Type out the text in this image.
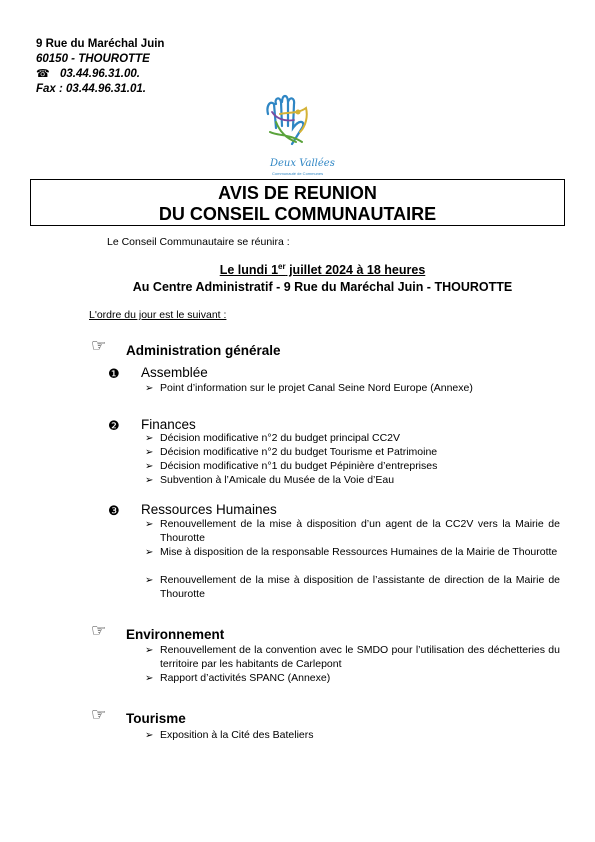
9 Rue du Maréchal Juin
60150 - THOUROTTE
☎ 03.44.96.31.00.
Fax : 03.44.96.31.01.
Deux Vallées
Communauté de Communes
AVIS DE REUNION
DU CONSEIL COMMUNAUTAIRE
Le Conseil Communautaire se réunira :
Le lundi 1er juillet 2024 à 18 heures
Au Centre Administratif - 9 Rue du Maréchal Juin - THOUROTTE
L'ordre du jour est le suivant :
☞ Administration générale
❶ Assemblée
➢ Point d’information sur le projet Canal Seine Nord Europe (Annexe)
❷ Finances
➢ Décision modificative n°2 du budget principal CC2V
➢ Décision modificative n°2 du budget Tourisme et Patrimoine
➢ Décision modificative n°1 du budget Pépinière d’entreprises
➢ Subvention à l’Amicale du Musée de la Voie d’Eau
❸ Ressources Humaines
➢ Renouvellement de la mise à disposition d’un agent de la CC2V vers la Mairie de Thourotte
➢ Mise à disposition de la responsable Ressources Humaines de la Mairie de Thourotte
➢ Renouvellement de la mise à disposition de l’assistante de direction de la Mairie de Thourotte
☞ Environnement
➢ Renouvellement de la convention avec le SMDO pour l’utilisation des déchetteries du territoire par les habitants de Carlepont
➢ Rapport d’activités SPANC (Annexe)
☞ Tourisme
➢ Exposition à la Cité des Bateliers
